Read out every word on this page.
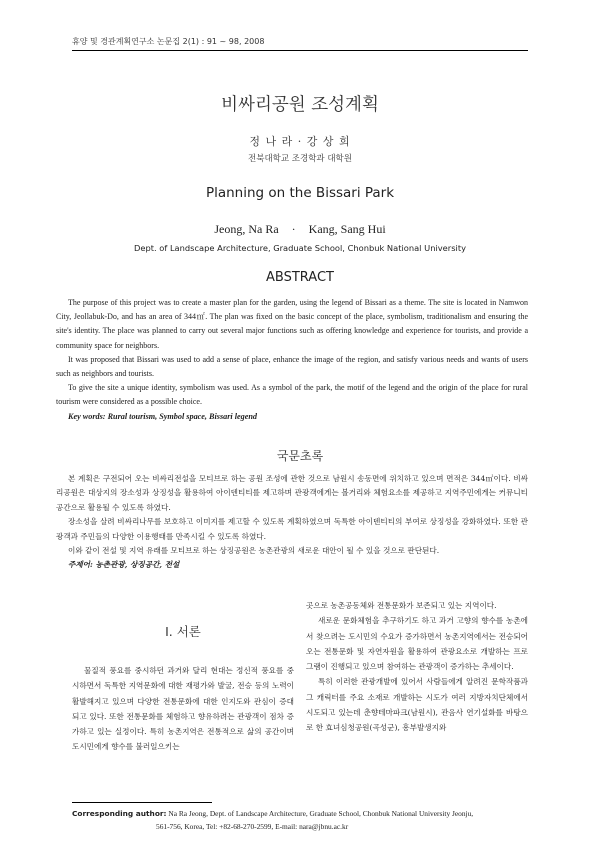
휴양 및 경관계획연구소 논문집 2(1) : 91 ~ 98, 2008
비싸리공원 조성계획
정 나 라 · 강 상 희
전북대학교 조경학과 대학원
Planning on the Bissari Park
Jeong, Na Ra · Kang, Sang Hui
Dept. of Landscape Architecture, Graduate School, Chonbuk National University
ABSTRACT

The purpose of this project was to create a master plan for the garden, using the legend of Bissari as a theme. The site is located in Namwon City, Jeollabuk-Do, and has an area of 344㎡. The plan was fixed on the basic concept of the place, symbolism, traditionalism and ensuring the site's identity. The place was planned to carry out several major functions such as offering knowledge and experience for tourists, and provide a community space for neighbors.

It was proposed that Bissari was used to add a sense of place, enhance the image of the region, and satisfy various needs and wants of users such as neighbors and tourists.

To give the site a unique identity, symbolism was used. As a symbol of the park, the motif of the legend and the origin of the place for rural tourism were considered as a possible choice.

Key words: Rural tourism, Symbol space, Bissari legend
국문초록

본 계획은 구전되어 오는 비싸리전설을 모티브로 하는 공원 조성에 관한 것으로 남원시 송동면에 위치하고 있으며 면적은 344㎡이다. 비싸리공원은 대상지의 장소성과 상징성을 활용하여 아이덴티티를 제고하며 관광객에게는 볼거리와 체험요소를 제공하고 지역주민에게는 커뮤니티공간으로 활용될 수 있도록 하였다.

장소성을 살려 비싸리나무를 보호하고 이미지를 제고할 수 있도록 계획하였으며 독특한 아이덴티티의 부여로 상징성을 강화하였다. 또한 관광객과 주민들의 다양한 이용행태를 만족시킬 수 있도록 하였다.

이와 같이 전설 및 지역 유래를 모티브로 하는 상징공원은 농촌관광의 새로운 대안이 될 수 있을 것으로 판단된다.

주제어: 농촌관광, 상징공간, 전설
Ⅰ. 서론

물질적 풍요를 중시하던 과거와 달리 현대는 정신적 풍요를 중시하면서 독특한 지역문화에 대한 재평가와 발굴, 전승 등의 노력이 활발해지고 있으며 다양한 전통문화에 대한 인지도와 관심이 증대되고 있다. 또한 전통문화를 체험하고 향유하려는 관광객이 점차 증가하고 있는 실정이다. 특히 농촌지역은 전통적으로 삶의 공간이며 도시민에게 향수를 불러일으키는

곳으로 농촌공동체와 전통문화가 보존되고 있는 지역이다.

새로운 문화체험을 추구하기도 하고 과거 고향의 향수를 농촌에서 찾으려는 도시민의 수요가 증가하면서 농촌지역에서는 전승되어 오는 전통문화 및 자연자원을 활용하여 관광요소로 개발하는 프로그램이 진행되고 있으며 참여하는 관광객이 증가하는 추세이다.

특히 이러한 관광개발에 있어서 사람들에게 알려진 문학작품과 그 캐릭터를 주요 소재로 개발하는 시도가 여러 지방자치단체에서 시도되고 있는데 춘향테마파크(남원시), 관음사 연기설화를 바탕으로 한 효녀심청공원(곡성군), 흥부발생지와

Corresponding author: Na Ra Jeong, Dept. of Landscape Architecture, Graduate School, Chonbuk National University Jeonju,
561-756, Korea, Tel: +82-68-270-2599, E-mail: nara@jbnu.ac.kr
